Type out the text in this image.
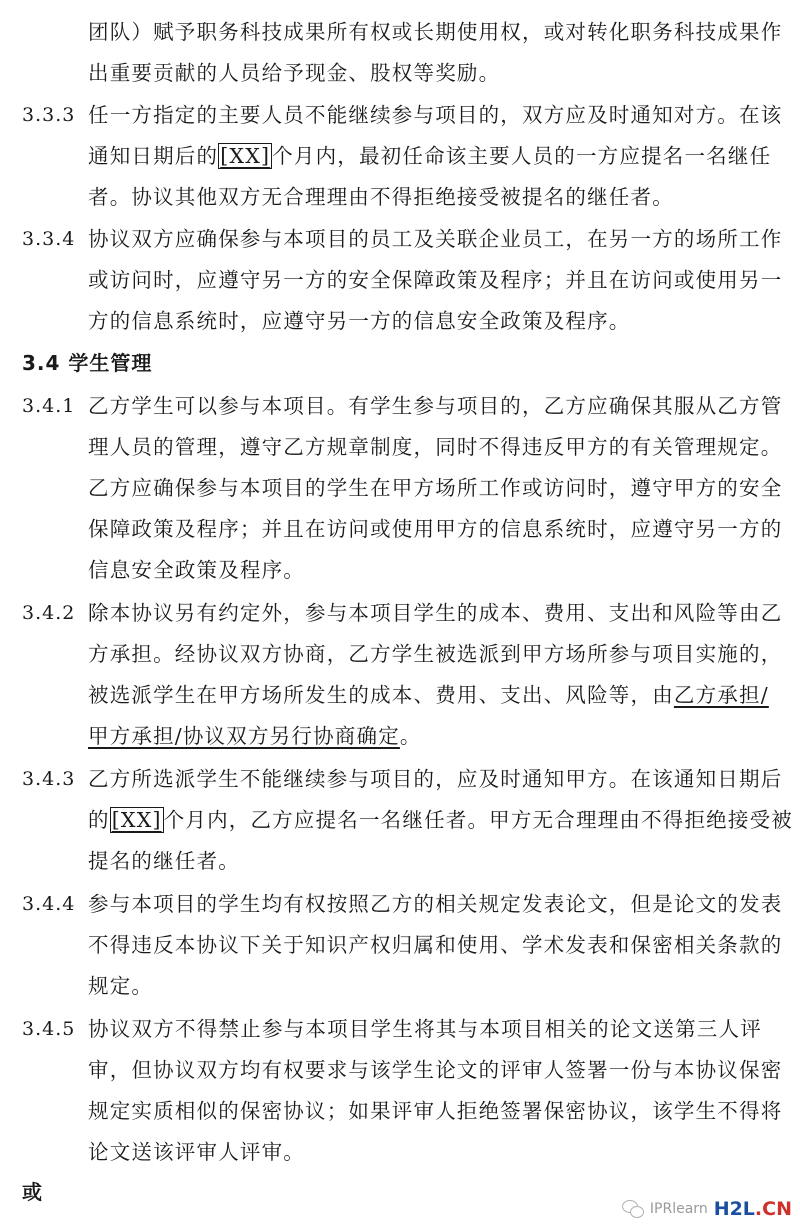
团队）赋予职务科技成果所有权或长期使用权，或对转化职务科技成果作
出重要贡献的人员给予现金、股权等奖励。
3.3.3 任一方指定的主要人员不能继续参与项目的，双方应及时通知对方。在该
通知日期后的[XX]个月内，最初任命该主要人员的一方应提名一名继任
者。协议其他双方无合理理由不得拒绝接受被提名的继任者。
3.3.4 协议双方应确保参与本项目的员工及关联企业员工，在另一方的场所工作
或访问时，应遵守另一方的安全保障政策及程序；并且在访问或使用另一
方的信息系统时，应遵守另一方的信息安全政策及程序。
3.4 学生管理
3.4.1 乙方学生可以参与本项目。有学生参与项目的，乙方应确保其服从乙方管
理人员的管理，遵守乙方规章制度，同时不得违反甲方的有关管理规定。
乙方应确保参与本项目的学生在甲方场所工作或访问时，遵守甲方的安全
保障政策及程序；并且在访问或使用甲方的信息系统时，应遵守另一方的
信息安全政策及程序。
3.4.2 除本协议另有约定外，参与本项目学生的成本、费用、支出和风险等由乙
方承担。经协议双方协商，乙方学生被选派到甲方场所参与项目实施的，
被选派学生在甲方场所发生的成本、费用、支出、风险等，由乙方承担/
甲方承担/协议双方另行协商确定。
3.4.3 乙方所选派学生不能继续参与项目的，应及时通知甲方。在该通知日期后
的[XX]个月内，乙方应提名一名继任者。甲方无合理理由不得拒绝接受被
提名的继任者。
3.4.4 参与本项目的学生均有权按照乙方的相关规定发表论文，但是论文的发表
不得违反本协议下关于知识产权归属和使用、学术发表和保密相关条款的
规定。
3.4.5 协议双方不得禁止参与本项目学生将其与本项目相关的论文送第三人评
审，但协议双方均有权要求与该学生论文的评审人签署一份与本协议保密
规定实质相似的保密协议；如果评审人拒绝签署保密协议，该学生不得将
论文送该评审人评审。
或
IPRlearn H2L.CN
